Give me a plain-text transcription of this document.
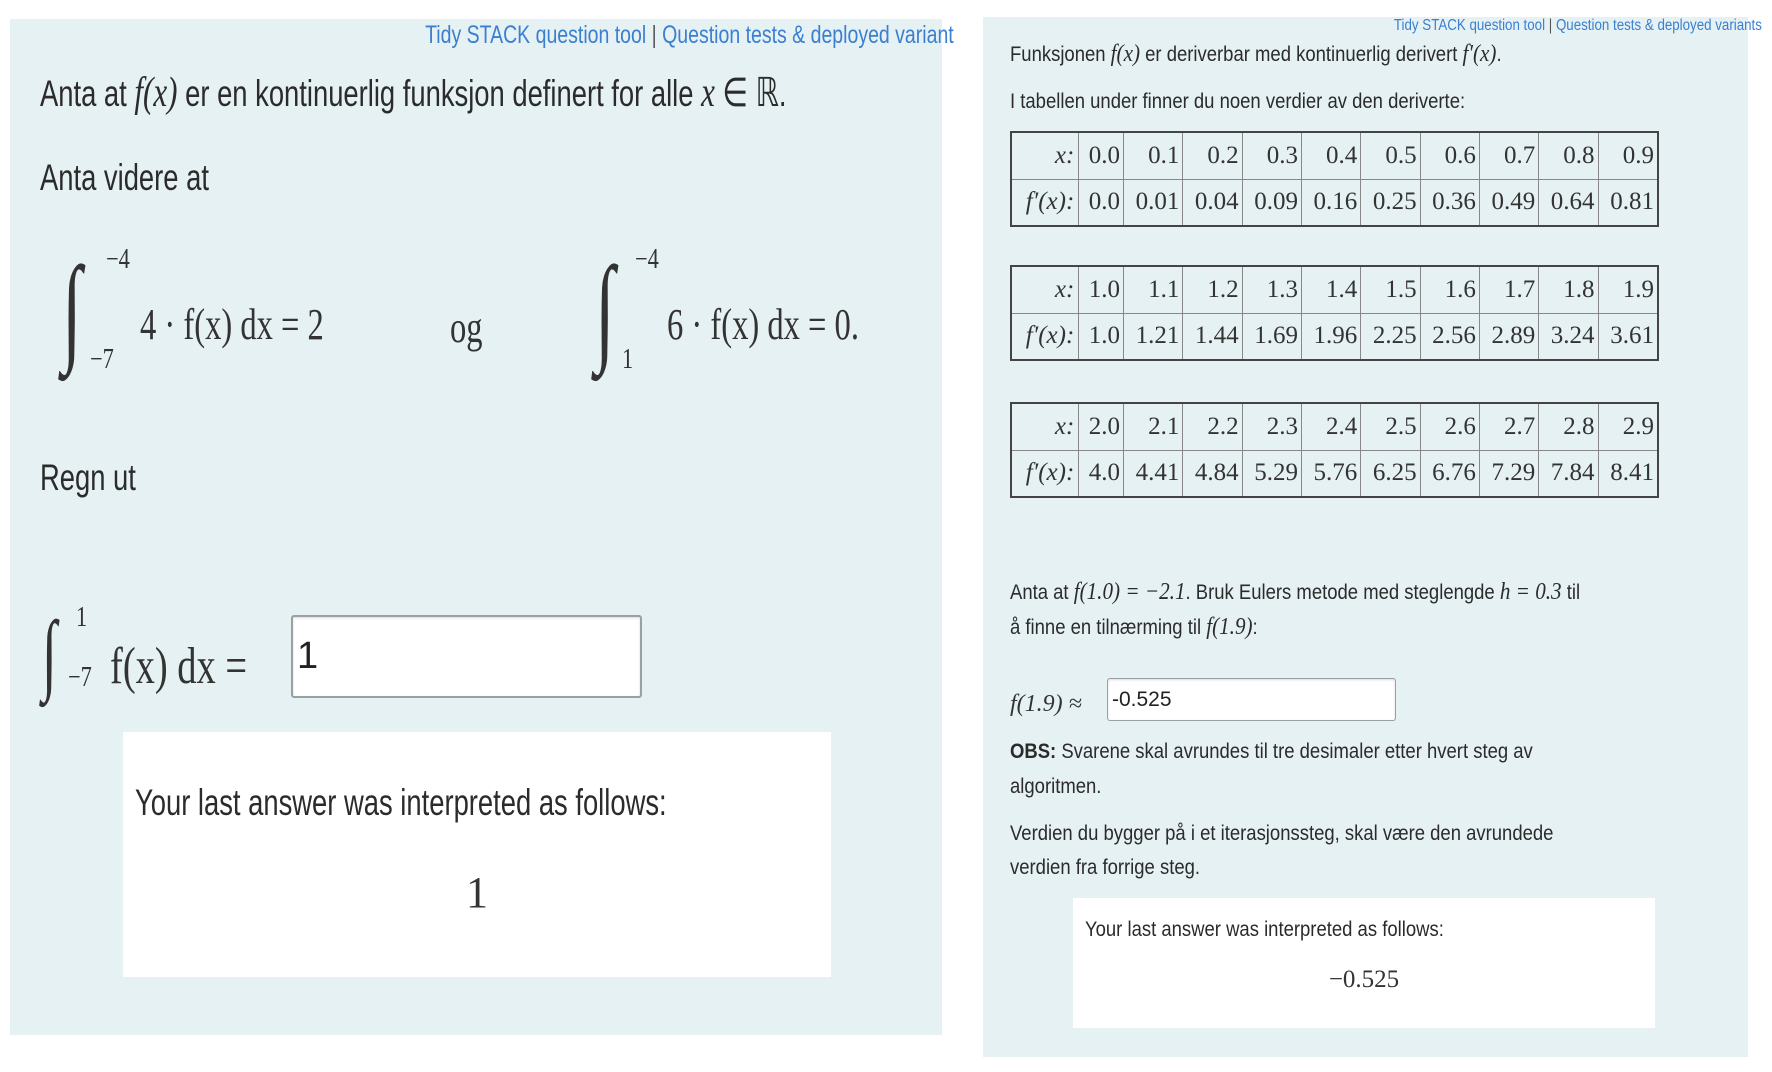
Tidy STACK question tool | Question tests & deployed variant
Anta at f(x) er en kontinuerlig funksjon definert for alle x ∈ ℝ.
Anta videre at
∫ −4
−7
4 · f(x) dx = 2	og ∫ −4
1
6 · f(x) dx = 0.
Regn ut
∫ 1
−7 f(x) dx =
1
Your last answer was interpreted as follows:
1
Tidy STACK question tool | Question tests & deployed variants
Funksjonen f(x) er deriverbar med kontinuerlig derivert f′(x).
I tabellen under finner du noen verdier av den deriverte:
x:	0.0	0.1	0.2	0.3	0.4	0.5	0.6	0.7	0.8	0.9
f′(x):	0.0	0.01	0.04	0.09	0.16	0.25	0.36	0.49	0.64	0.81
x:	1.0	1.1	1.2	1.3	1.4	1.5	1.6	1.7	1.8	1.9
f′(x):	1.0	1.21	1.44	1.69	1.96	2.25	2.56	2.89	3.24	3.61
x:	2.0	2.1	2.2	2.3	2.4	2.5	2.6	2.7	2.8	2.9
f′(x):	4.0	4.41	4.84	5.29	5.76	6.25	6.76	7.29	7.84	8.41
Anta at f(1.0) = −2.1. Bruk Eulers metode med steglengde h = 0.3 til
å finne en tilnærming til f(1.9):
f(1.9) ≈
-0.525
OBS: Svarene skal avrundes til tre desimaler etter hvert steg av
algoritmen.
Verdien du bygger på i et iterasjonssteg, skal være den avrundede
verdien fra forrige steg.
Your last answer was interpreted as follows:
−0.525
